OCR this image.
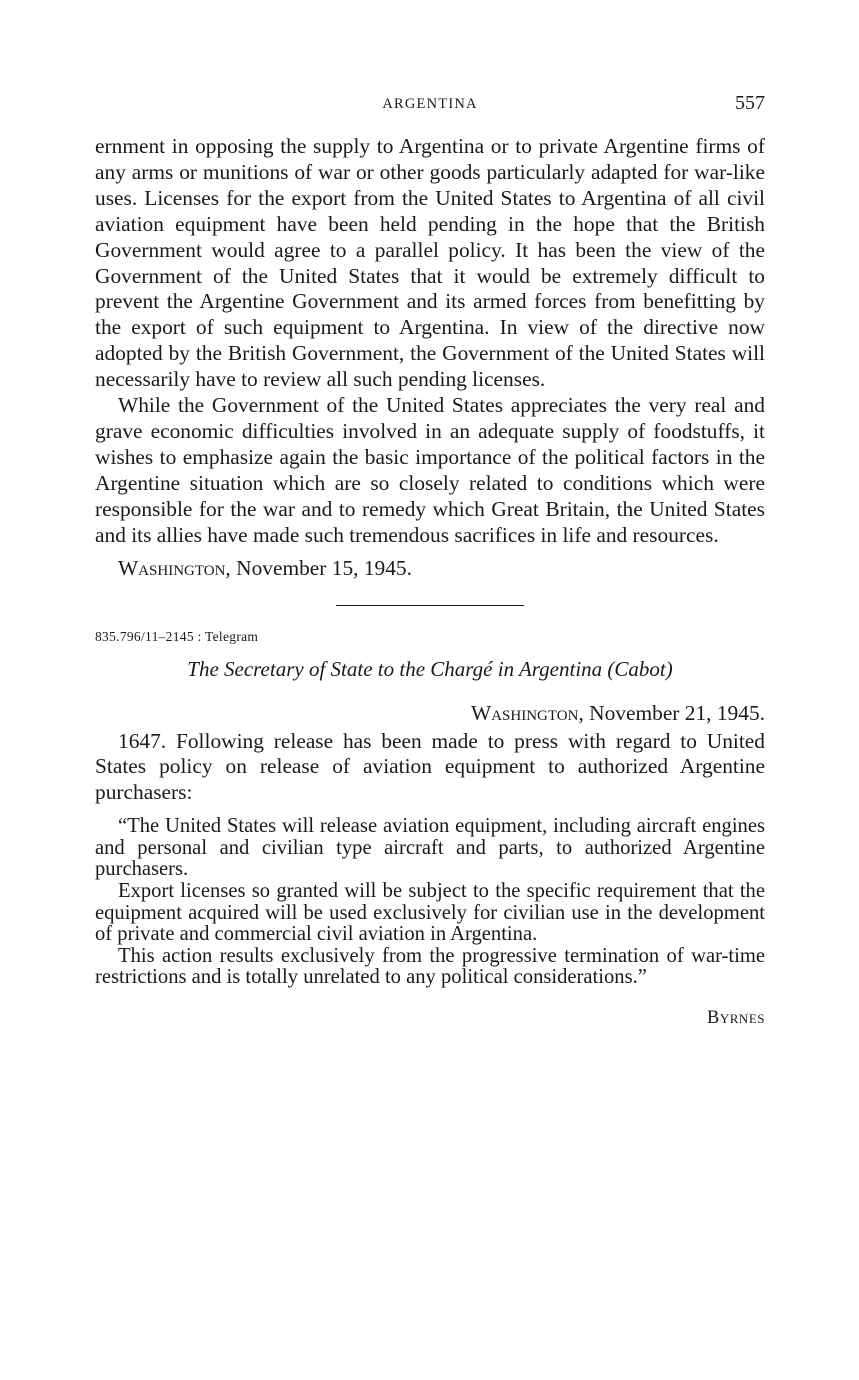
ARGENTINA	557

ernment in opposing the supply to Argentina or to private Argentine firms of any arms or munitions of war or other goods particularly adapted for war-like uses. Licenses for the export from the United States to Argentina of all civil aviation equipment have been held pending in the hope that the British Government would agree to a parallel policy. It has been the view of the Government of the United States that it would be extremely difficult to prevent the Argentine Government and its armed forces from benefitting by the export of such equipment to Argentina. In view of the directive now adopted by the British Government, the Government of the United States will necessarily have to review all such pending licenses.

While the Government of the United States appreciates the very real and grave economic difficulties involved in an adequate supply of foodstuffs, it wishes to emphasize again the basic importance of the political factors in the Argentine situation which are so closely related to conditions which were responsible for the war and to remedy which Great Britain, the United States and its allies have made such tremendous sacrifices in life and resources.

Washington, November 15, 1945.
835.796/11–2145 : Telegram
The Secretary of State to the Chargé in Argentina (Cabot)
Washington, November 21, 1945.

1647. Following release has been made to press with regard to United States policy on release of aviation equipment to authorized Argentine purchasers:

“The United States will release aviation equipment, including aircraft engines and personal and civilian type aircraft and parts, to authorized Argentine purchasers.

Export licenses so granted will be subject to the specific requirement that the equipment acquired will be used exclusively for civilian use in the development of private and commercial civil aviation in Argentina.

This action results exclusively from the progressive termination of war-time restrictions and is totally unrelated to any political considerations.”

Byrnes
